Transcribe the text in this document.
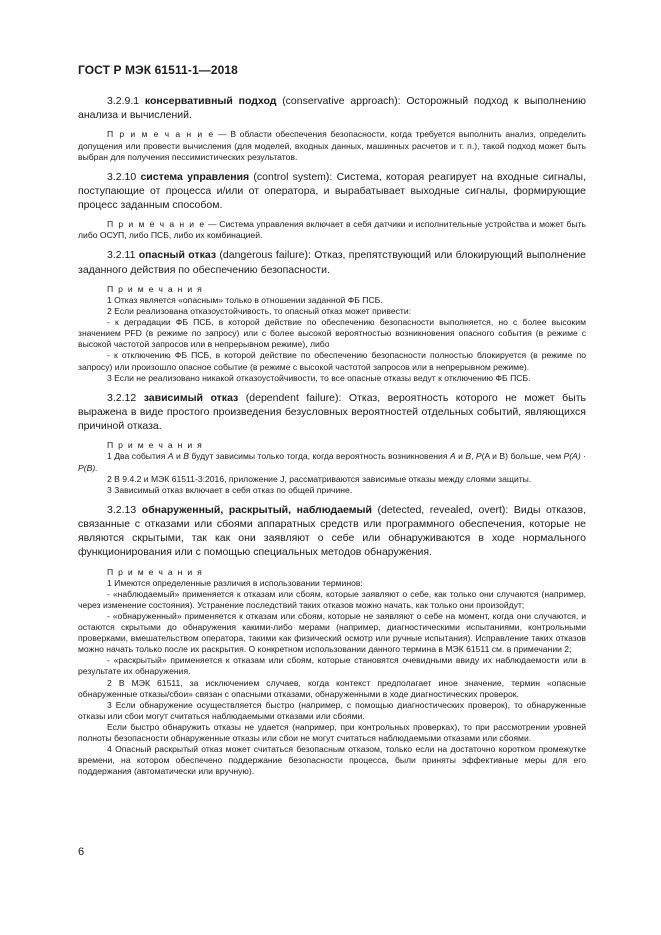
ГОСТ Р МЭК 61511-1—2018

3.2.9.1 консервативный подход (conservative approach): Осторожный подход к выполнению анализа и вычислений.

П р и м е ч а н и е — В области обеспечения безопасности, когда требуется выполнить анализ, определить допущения или провести вычисления (для моделей, входных данных, машинных расчетов и т. п.), такой подход может быть выбран для получения пессимистических результатов.

3.2.10 система управления (control system): Система, которая реагирует на входные сигналы, поступающие от процесса и/или от оператора, и вырабатывает выходные сигналы, формирующие процесс заданным способом.

П р и м е ч а н и е — Система управления включает в себя датчики и исполнительные устройства и может быть либо ОСУП, либо ПСБ, либо их комбинацией.

3.2.11 опасный отказ (dangerous failure): Отказ, препятствующий или блокирующий выполнение заданного действия по обеспечению безопасности.

П р и м е ч а н и я

1 Отказ является «опасным» только в отношении заданной ФБ ПСБ.

2 Если реализована отказоустойчивость, то опасный отказ может привести:

- к деградации ФБ ПСБ, в которой действие по обеспечению безопасности выполняется, но с более высоким значением PFD (в режиме по запросу) или с более высокой вероятностью возникновения опасного события (в режиме с высокой частотой запросов или в непрерывном режиме), либо

- к отключению ФБ ПСБ, в которой действие по обеспечению безопасности полностью блокируется (в режиме по запросу) или произошло опасное событие (в режиме с высокой частотой запросов или в непрерывном режиме).

3 Если не реализовано никакой отказоустойчивости, то все опасные отказы ведут к отключению ФБ ПСБ.

3.2.12 зависимый отказ (dependent failure): Отказ, вероятность которого не может быть выражена в виде простого произведения безусловных вероятностей отдельных событий, являющихся причиной отказа.

П р и м е ч а н и я

1 Два события A и B будут зависимы только тогда, когда вероятность возникновения A и B, P(A и B) больше, чем P(A) · P(B).

2 В 9.4.2 и МЭК 61511-3:2016, приложение J, рассматриваются зависимые отказы между слоями защиты.

3 Зависимый отказ включает в себя отказ по общей причине.

3.2.13 обнаруженный, раскрытый, наблюдаемый (detected, revealed, overt): Виды отказов, связанные с отказами или сбоями аппаратных средств или программного обеспечения, которые не являются скрытыми, так как они заявляют о себе или обнаруживаются в ходе нормального функционирования или с помощью специальных методов обнаружения.

П р и м е ч а н и я

1 Имеются определенные различия в использовании терминов:

- «наблюдаемый» применяется к отказам или сбоям, которые заявляют о себе, как только они случаются (например, через изменение состояния). Устранение последствий таких отказов можно начать, как только они произойдут;

- «обнаруженный» применяется к отказам или сбоям, которые не заявляют о себе на момент, когда они случаются, и остаются скрытыми до обнаружения какими-либо мерами (например, диагностическими испытаниями, контрольными проверками, вмешательством оператора, такими как физический осмотр или ручные испытания). Исправление таких отказов можно начать только после их раскрытия. О конкретном использовании данного термина в МЭК 61511 см. в примечании 2;

- «раскрытый» применяется к отказам или сбоям, которые становятся очевидными ввиду их наблюдаемости или в результате их обнаружения.

2 В МЭК 61511, за исключением случаев, когда контекст предполагает иное значение, термин «опасные обнаруженные отказы/сбои» связан с опасными отказами, обнаруженными в ходе диагностических проверок.

3 Если обнаружение осуществляется быстро (например, с помощью диагностических проверок), то обнаруженные отказы или сбои могут считаться наблюдаемыми отказами или сбоями.

Если быстро обнаружить отказы не удается (например, при контрольных проверках), то при рассмотрении уровней полноты безопасности обнаруженные отказы или сбои не могут считаться наблюдаемыми отказами или сбоями.

4 Опасный раскрытый отказ может считаться безопасным отказом, только если на достаточно коротком промежутке времени, на котором обеспечено поддержание безопасности процесса, были приняты эффективные меры для его поддержания (автоматически или вручную).

6
